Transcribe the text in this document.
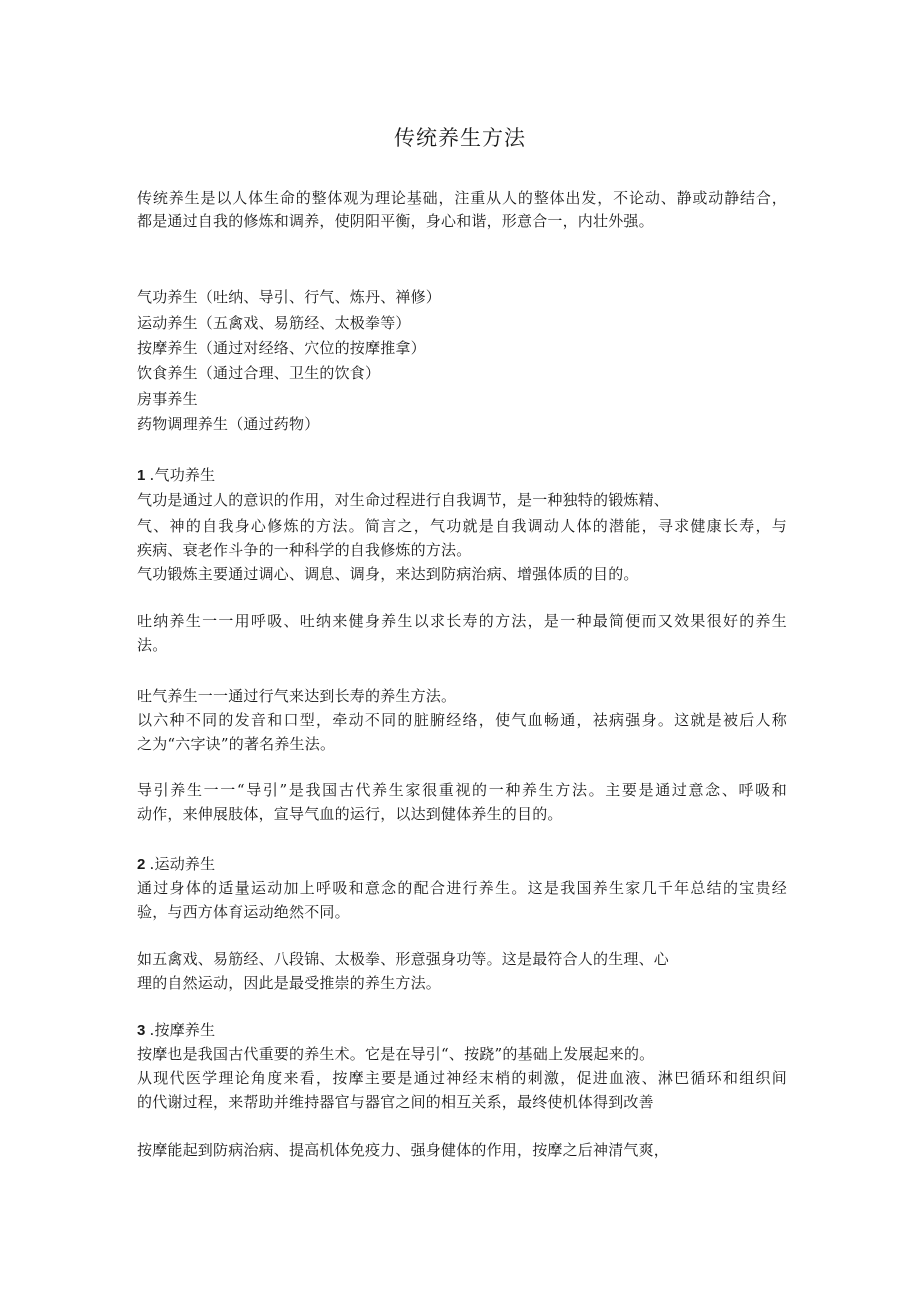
传统养生方法
传统养生是以人体生命的整体观为理论基础，注重从人的整体出发，不论动、静或动静结合，
都是通过自我的修炼和调养，使阴阳平衡，身心和谐，形意合一，内壮外强。
气功养生（吐纳、导引、行气、炼丹、禅修）
运动养生（五禽戏、易筋经、太极拳等）
按摩养生（通过对经络、穴位的按摩推拿）
饮食养生（通过合理、卫生的饮食）
房事养生
药物调理养生（通过药物）
1 .气功养生
气功是通过人的意识的作用，对生命过程进行自我调节，是一种独特的锻炼精、
气、神的自我身心修炼的方法。简言之，气功就是自我调动人体的潜能，寻求健康长寿，与
疾病、衰老作斗争的一种科学的自我修炼的方法。
气功锻炼主要通过调心、调息、调身，来达到防病治病、增强体质的目的。
吐纳养生一一用呼吸、吐纳来健身养生以求长寿的方法，是一种最简便而又效果很好的养生
法。
吐气养生一一通过行气来达到长寿的养生方法。
以六种不同的发音和口型，牵动不同的脏腑经络，使气血畅通，祛病强身。这就是被后人称
之为“六字诀”的著名养生法。
导引养生一一“导引”是我国古代养生家很重视的一种养生方法。主要是通过意念、呼吸和
动作，来伸展肢体，宣导气血的运行，以达到健体养生的目的。
2 .运动养生
通过身体的适量运动加上呼吸和意念的配合进行养生。这是我国养生家几千年总结的宝贵经
验，与西方体育运动绝然不同。
如五禽戏、易筋经、八段锦、太极拳、形意强身功等。这是最符合人的生理、心
理的自然运动，因此是最受推崇的养生方法。
3 .按摩养生
按摩也是我国古代重要的养生术。它是在导引“、按跷”的基础上发展起来的。
从现代医学理论角度来看，按摩主要是通过神经末梢的刺激，促进血液、淋巴循环和组织间
的代谢过程，来帮助并维持器官与器官之间的相互关系，最终使机体得到改善
按摩能起到防病治病、提高机体免疫力、强身健体的作用，按摩之后神清气爽，
